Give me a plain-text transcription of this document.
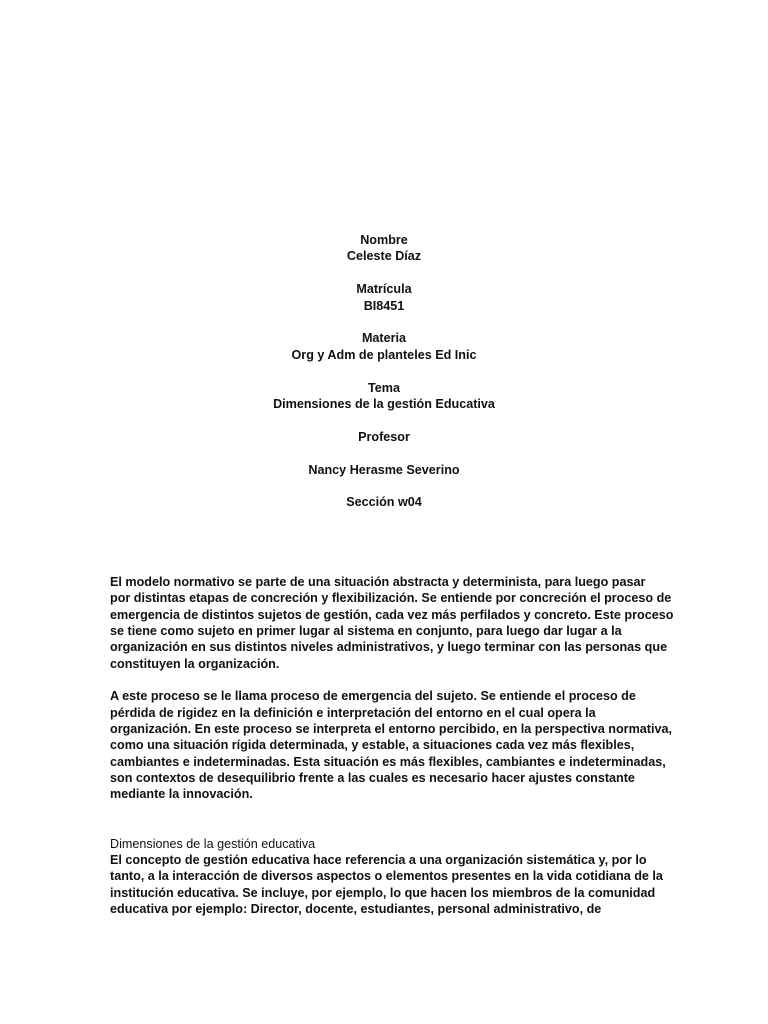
Nombre
Celeste Díaz
Matrícula
BI8451
Materia
Org y Adm de planteles Ed Inic
Tema
Dimensiones de la gestión Educativa
Profesor
Nancy Herasme Severino
Sección w04

El modelo normativo se parte de una situación abstracta y determinista, para luego pasar

por distintas etapas de concreción y flexibilización. Se entiende por concreción el proceso de

emergencia de distintos sujetos de gestión, cada vez más perfilados y concreto. Este proceso

se tiene como sujeto en primer lugar al sistema en conjunto, para luego dar lugar a la

organización en sus distintos niveles administrativos, y luego terminar con las personas que

constituyen la organización.

A este proceso se le llama proceso de emergencia del sujeto. Se entiende el proceso de

pérdida de rigidez en la definición e interpretación del entorno en el cual opera la

organización. En este proceso se interpreta el entorno percibido, en la perspectiva normativa,

como una situación rígida determinada, y estable, a situaciones cada vez más flexibles,

cambiantes e indeterminadas. Esta situación es más flexibles, cambiantes e indeterminadas,

son contextos de desequilibrio frente a las cuales es necesario hacer ajustes constante

mediante la innovación.

Dimensiones de la gestión educativa

El concepto de gestión educativa hace referencia a una organización sistemática y, por lo

tanto, a la interacción de diversos aspectos o elementos presentes en la vida cotidiana de la

institución educativa. Se incluye, por ejemplo, lo que hacen los miembros de la comunidad

educativa por ejemplo: Director, docente, estudiantes, personal administrativo, de
